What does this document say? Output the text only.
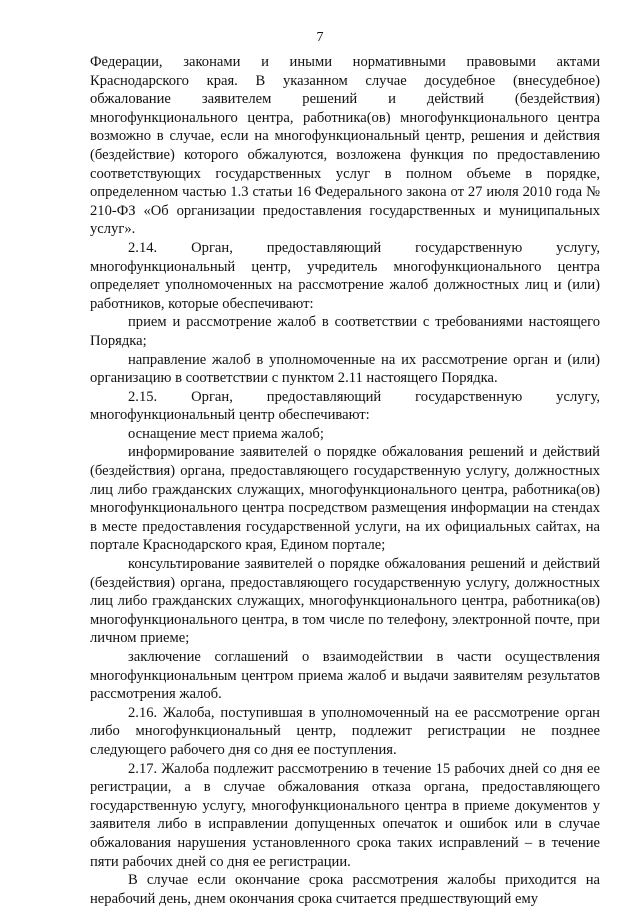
7

Федерации, законами и иными нормативными правовыми актами Краснодарского края. В указанном случае досудебное (внесудебное) обжалование заявителем решений и действий (бездействия) многофункционального центра, работника(ов) многофункционального центра возможно в случае, если на многофункциональный центр, решения и действия (бездействие) которого обжалуются, возложена функция по предоставлению соответствующих государственных услуг в полном объеме в порядке, определенном частью 1.3 статьи 16 Федерального закона от 27 июля 2010 года № 210-ФЗ «Об организации предоставления государственных и муниципальных услуг».

2.14. Орган, предоставляющий государственную услугу, многофункциональный центр, учредитель многофункционального центра определяет уполномоченных на рассмотрение жалоб должностных лиц и (или) работников, которые обеспечивают:

прием и рассмотрение жалоб в соответствии с требованиями настоящего Порядка;

направление жалоб в уполномоченные на их рассмотрение орган и (или) организацию в соответствии с пунктом 2.11 настоящего Порядка.

2.15. Орган, предоставляющий государственную услугу, многофункциональный центр обеспечивают:

оснащение мест приема жалоб;

информирование заявителей о порядке обжалования решений и действий (бездействия) органа, предоставляющего государственную услугу, должностных лиц либо гражданских служащих, многофункционального центра, работника(ов) многофункционального центра посредством размещения информации на стендах в месте предоставления государственной услуги, на их официальных сайтах, на портале Краснодарского края, Едином портале;

консультирование заявителей о порядке обжалования решений и действий (бездействия) органа, предоставляющего государственную услугу, должностных лиц либо гражданских служащих, многофункционального центра, работника(ов) многофункционального центра, в том числе по телефону, электронной почте, при личном приеме;

заключение соглашений о взаимодействии в части осуществления многофункциональным центром приема жалоб и выдачи заявителям результатов рассмотрения жалоб.

2.16. Жалоба, поступившая в уполномоченный на ее рассмотрение орган либо многофункциональный центр, подлежит регистрации не позднее следующего рабочего дня со дня ее поступления.

2.17. Жалоба подлежит рассмотрению в течение 15 рабочих дней со дня ее регистрации, а в случае обжалования отказа органа, предоставляющего государственную услугу, многофункционального центра в приеме документов у заявителя либо в исправлении допущенных опечаток и ошибок или в случае обжалования нарушения установленного срока таких исправлений – в течение пяти рабочих дней со дня ее регистрации.

В случае если окончание срока рассмотрения жалобы приходится на нерабочий день, днем окончания срока считается предшествующий ему
